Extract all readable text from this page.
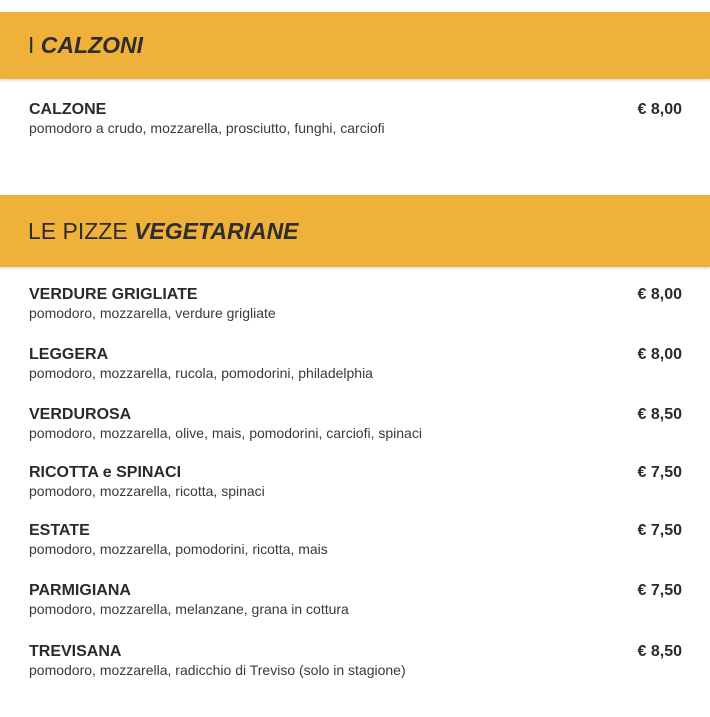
I CALZONI
CALZONE
pomodoro a crudo, mozzarella, prosciutto, funghi, carciofi
€ 8,00
LE PIZZE VEGETARIANE
VERDURE GRIGLIATE
pomodoro, mozzarella, verdure grigliate
€ 8,00
LEGGERA
pomodoro, mozzarella, rucola, pomodorini, philadelphia
€ 8,00
VERDUROSA
pomodoro, mozzarella, olive, mais, pomodorini, carciofi, spinaci
€ 8,50
RICOTTA e SPINACI
pomodoro, mozzarella, ricotta, spinaci
€ 7,50
ESTATE
pomodoro, mozzarella, pomodorini, ricotta, mais
€ 7,50
PARMIGIANA
pomodoro, mozzarella, melanzane, grana in cottura
€ 7,50
TREVISANA
pomodoro, mozzarella, radicchio di Treviso (solo in stagione)
€ 8,50
